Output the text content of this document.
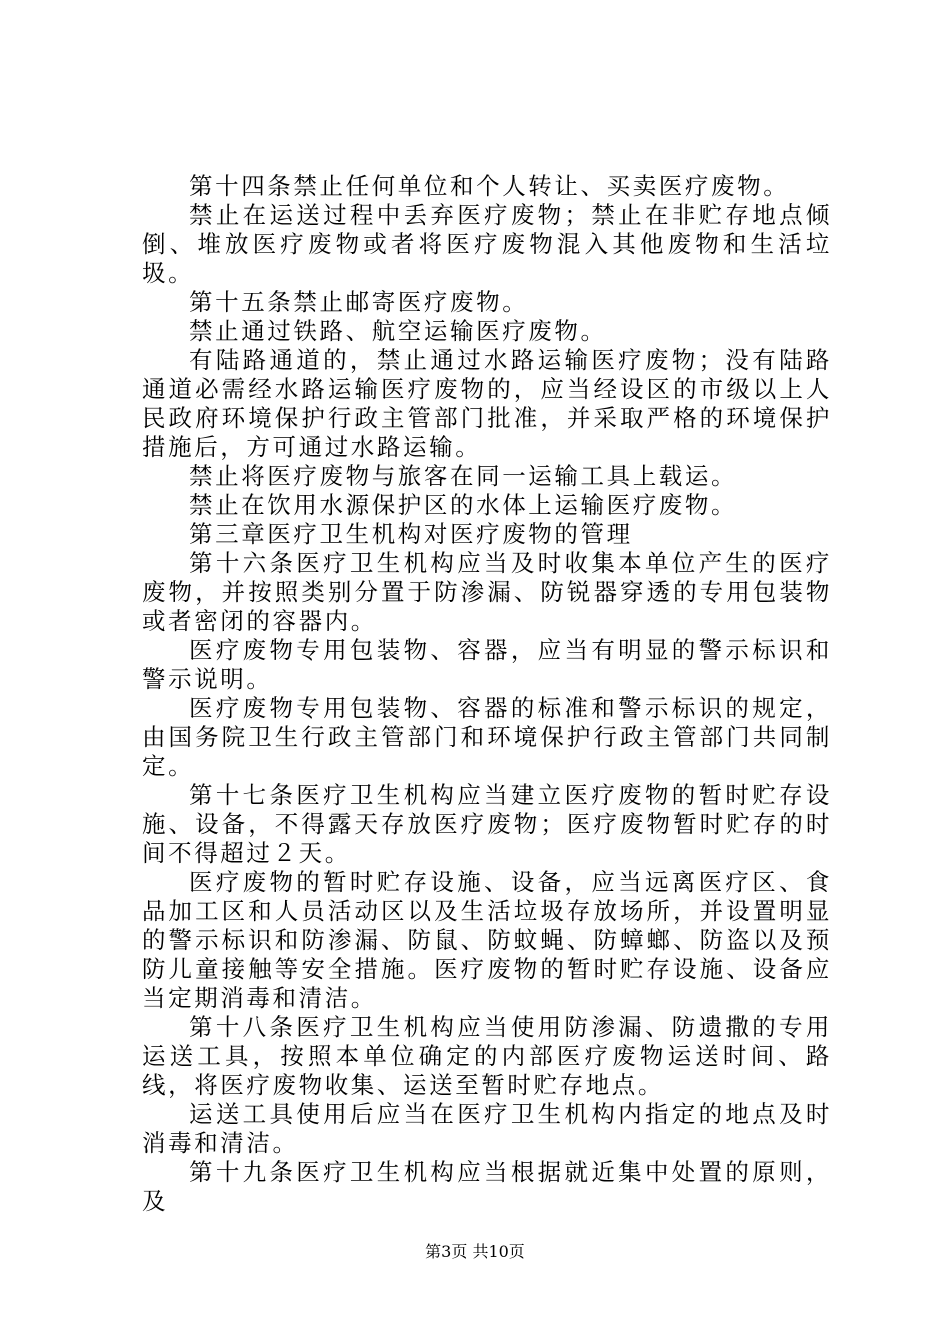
第十四条禁止任何单位和个人转让、买卖医疗废物。

禁止在运送过程中丢弃医疗废物；禁止在非贮存地点倾倒、堆放医疗废物或者将医疗废物混入其他废物和生活垃圾。

第十五条禁止邮寄医疗废物。

禁止通过铁路、航空运输医疗废物。

有陆路通道的，禁止通过水路运输医疗废物；没有陆路通道必需经水路运输医疗废物的，应当经设区的市级以上人民政府环境保护行政主管部门批准，并采取严格的环境保护措施后，方可通过水路运输。

禁止将医疗废物与旅客在同一运输工具上载运。

禁止在饮用水源保护区的水体上运输医疗废物。

第三章医疗卫生机构对医疗废物的管理

第十六条医疗卫生机构应当及时收集本单位产生的医疗废物，并按照类别分置于防渗漏、防锐器穿透的专用包装物或者密闭的容器内。

医疗废物专用包装物、容器，应当有明显的警示标识和警示说明。

医疗废物专用包装物、容器的标准和警示标识的规定，由国务院卫生行政主管部门和环境保护行政主管部门共同制定。

第十七条医疗卫生机构应当建立医疗废物的暂时贮存设施、设备，不得露天存放医疗废物；医疗废物暂时贮存的时间不得超过２天。

医疗废物的暂时贮存设施、设备，应当远离医疗区、食品加工区和人员活动区以及生活垃圾存放场所，并设置明显的警示标识和防渗漏、防鼠、防蚊蝇、防蟑螂、防盗以及预防儿童接触等安全措施。医疗废物的暂时贮存设施、设备应当定期消毒和清洁。

第十八条医疗卫生机构应当使用防渗漏、防遗撒的专用运送工具，按照本单位确定的内部医疗废物运送时间、路线，将医疗废物收集、运送至暂时贮存地点。

运送工具使用后应当在医疗卫生机构内指定的地点及时消毒和清洁。

第十九条医疗卫生机构应当根据就近集中处置的原则，及

第3页 共10页
